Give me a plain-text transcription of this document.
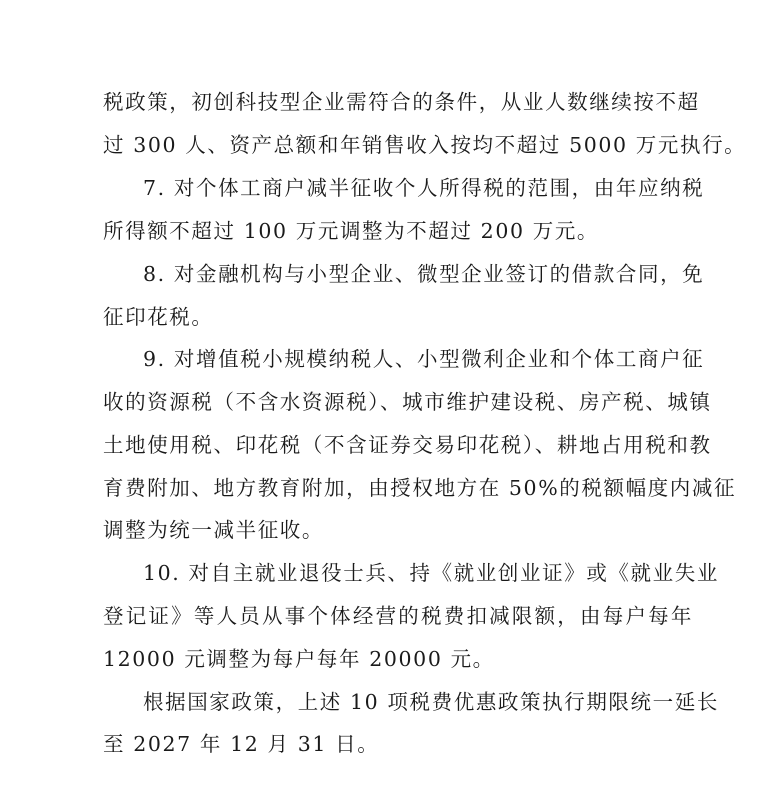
税政策，初创科技型企业需符合的条件，从业人数继续按不超
过 300 人、资产总额和年销售收入按均不超过 5000 万元执行。
7. 对个体工商户减半征收个人所得税的范围，由年应纳税
所得额不超过 100 万元调整为不超过 200 万元。
8. 对金融机构与小型企业、微型企业签订的借款合同，免
征印花税。
9. 对增值税小规模纳税人、小型微利企业和个体工商户征
收的资源税（不含水资源税）、城市维护建设税、房产税、城镇
土地使用税、印花税（不含证券交易印花税）、耕地占用税和教
育费附加、地方教育附加，由授权地方在 50%的税额幅度内减征
调整为统一减半征收。
10. 对自主就业退役士兵、持《就业创业证》或《就业失业
登记证》等人员从事个体经营的税费扣减限额，由每户每年
12000 元调整为每户每年 20000 元。
根据国家政策，上述 10 项税费优惠政策执行期限统一延长
至 2027 年 12 月 31 日。
